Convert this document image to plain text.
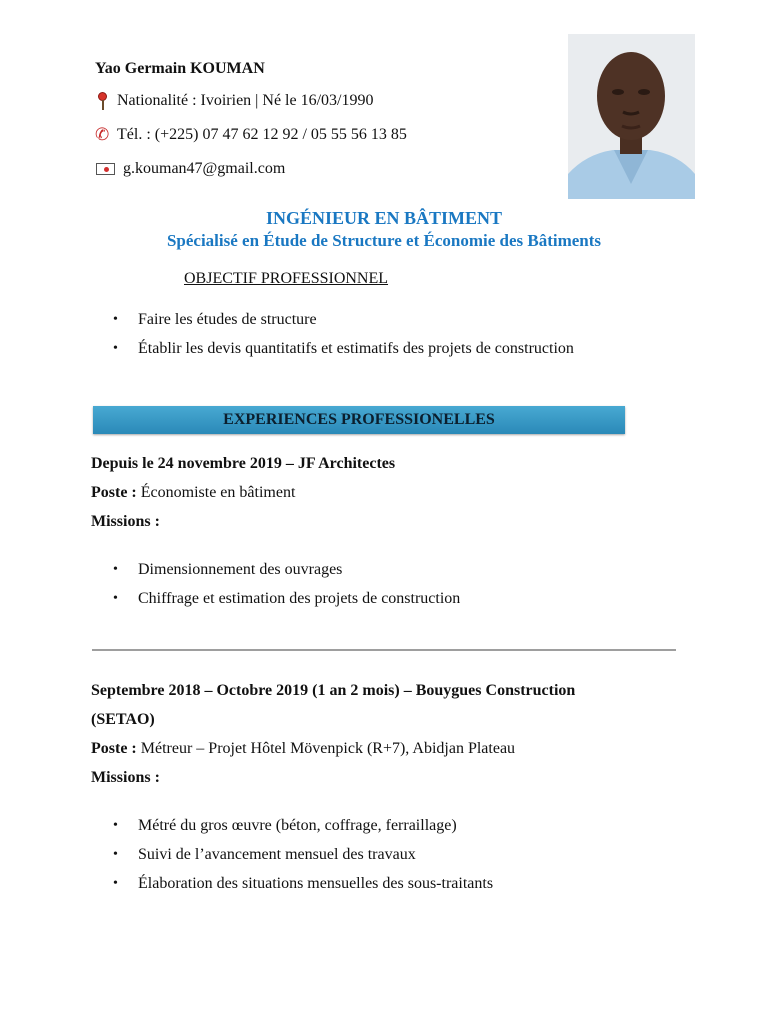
Yao Germain KOUMAN
Nationalité : Ivoirien | Né le 16/03/1990
✆ Tél. : (+225) 07 47 62 12 92 / 05 55 56 13 85
g.kouman47@gmail.com
INGÉNIEUR EN BÂTIMENT
Spécialisé en Étude de Structure et Économie des Bâtiments
OBJECTIF PROFESSIONNEL
• Faire les études de structure
• Établir les devis quantitatifs et estimatifs des projets de construction
EXPERIENCES PROFESSIONELLES
Depuis le 24 novembre 2019 – JF Architectes
Poste : Économiste en bâtiment
Missions :
• Dimensionnement des ouvrages
• Chiffrage et estimation des projets de construction
Septembre 2018 – Octobre 2019 (1 an 2 mois) – Bouygues Construction
(SETAO)
Poste : Métreur – Projet Hôtel Mövenpick (R+7), Abidjan Plateau
Missions :
• Métré du gros œuvre (béton, coffrage, ferraillage)
• Suivi de l’avancement mensuel des travaux
• Élaboration des situations mensuelles des sous-traitants
